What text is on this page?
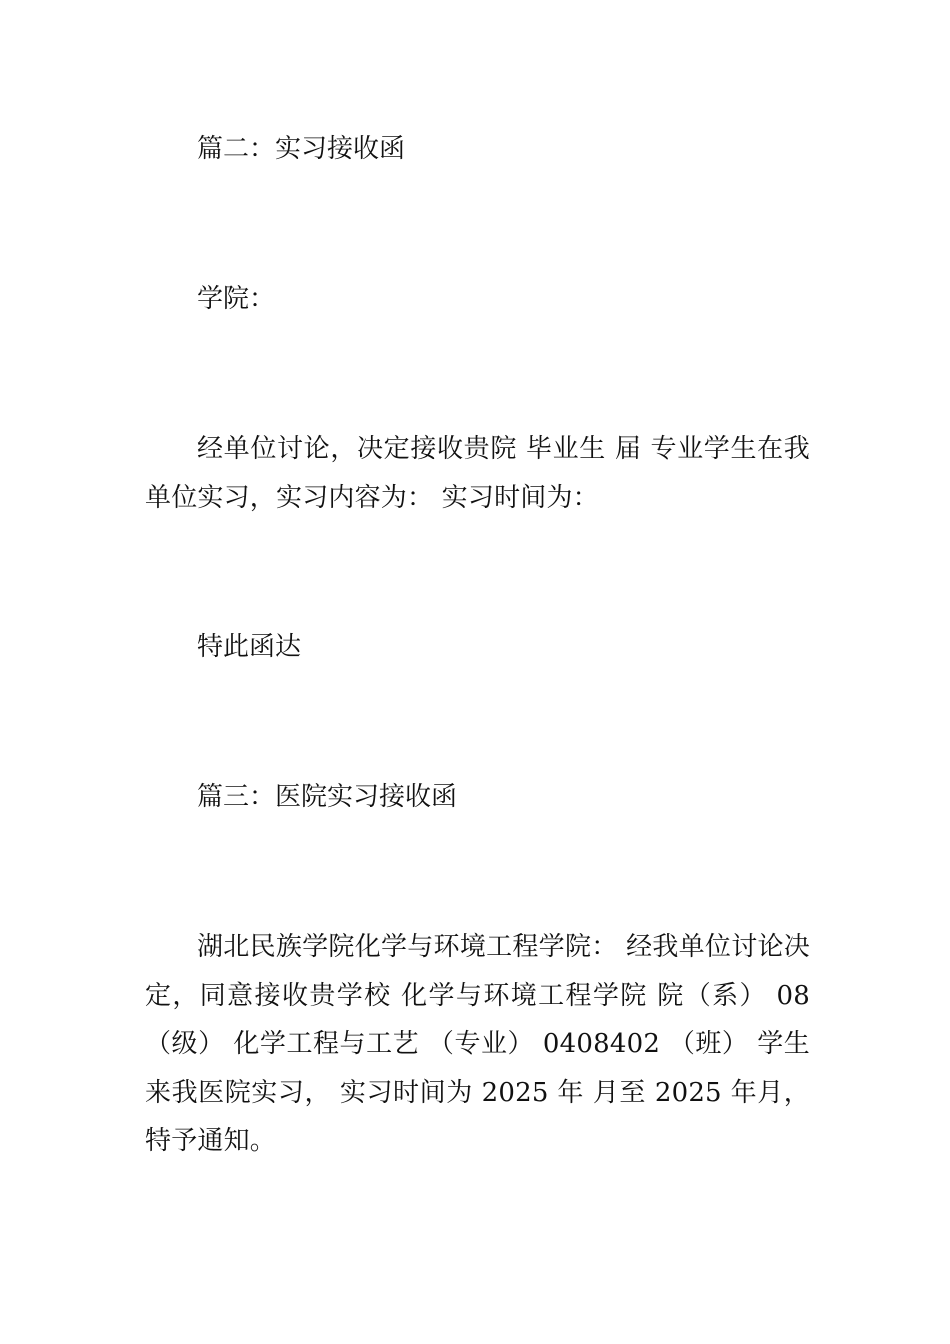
篇二：实习接收函
学院：
经单位讨论，决定接收贵院 毕业生 届 专业学生在我单位实习，实习内容为： 实习时间为：
特此函达
篇三：医院实习接收函
湖北民族学院化学与环境工程学院： 经我单位讨论决定，同意接收贵学校 化学与环境工程学院 院（系） 08（级） 化学工程与工艺 （专业） 0408402 （班） 学生 来我医院实习， 实习时间为 2025 年 月至 2025 年月，特予通知。
